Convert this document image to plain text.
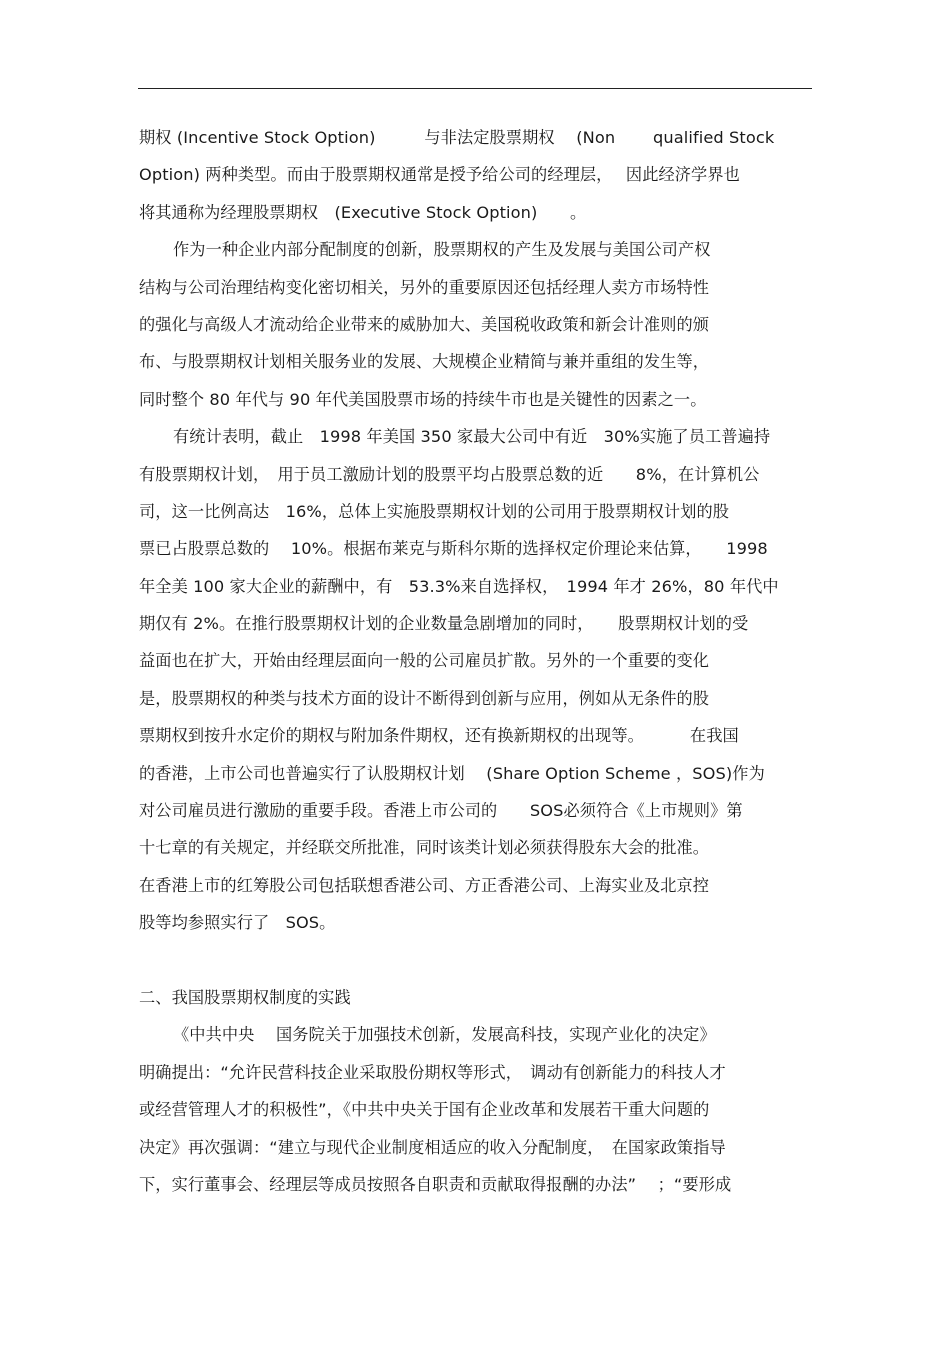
期权 (Incentive Stock Option)　　　与非法定股票期权　 (Non　　 qualified Stock
Option) 两种类型。而由于股票期权通常是授予给公司的经理层，　 因此经济学界也
将其通称为经理股票期权　(Executive Stock Option)　　。
作为一种企业内部分配制度的创新，股票期权的产生及发展与美国公司产权
结构与公司治理结构变化密切相关，另外的重要原因还包括经理人卖方市场特性
的强化与高级人才流动给企业带来的威胁加大、美国税收政策和新会计准则的颁
布、与股票期权计划相关服务业的发展、大规模企业精简与兼并重组的发生等，
同时整个 80 年代与 90 年代美国股票市场的持续牛市也是关键性的因素之一。
有统计表明，截止　1998 年美国 350 家最大公司中有近　30%实施了员工普遍持
有股票期权计划，　用于员工激励计划的股票平均占股票总数的近　　8%，在计算机公
司，这一比例高达　16%，总体上实施股票期权计划的公司用于股票期权计划的股
票已占股票总数的　 10%。根据布莱克与斯科尔斯的选择权定价理论来估算，　　1998
年全美 100 家大企业的薪酬中，有　53.3%来自选择权，　1994 年才 26%，80 年代中
期仅有 2%。在推行股票期权计划的企业数量急剧增加的同时，　　股票期权计划的受
益面也在扩大，开始由经理层面向一般的公司雇员扩散。另外的一个重要的变化
是，股票期权的种类与技术方面的设计不断得到创新与应用，例如从无条件的股
票期权到按升水定价的期权与附加条件期权，还有换新期权的出现等。　　　 在我国
的香港，上市公司也普遍实行了认股期权计划　 (Share Option Scheme ，SOS)作为
对公司雇员进行激励的重要手段。香港上市公司的　　SOS必须符合《上市规则》第
十七章的有关规定，并经联交所批准，同时该类计划必须获得股东大会的批准。
在香港上市的红筹股公司包括联想香港公司、方正香港公司、上海实业及北京控
股等均参照实行了　SOS。
二、我国股票期权制度的实践
《中共中央　 国务院关于加强技术创新，发展高科技，实现产业化的决定》
明确提出：“允许民营科技企业采取股份期权等形式，　调动有创新能力的科技人才
或经营管理人才的积极性”，《中共中央关于国有企业改革和发展若干重大问题的
决定》再次强调：“建立与现代企业制度相适应的收入分配制度，　在国家政策指导
下，实行董事会、经理层等成员按照各自职责和贡献取得报酬的办法”　 ；“要形成
